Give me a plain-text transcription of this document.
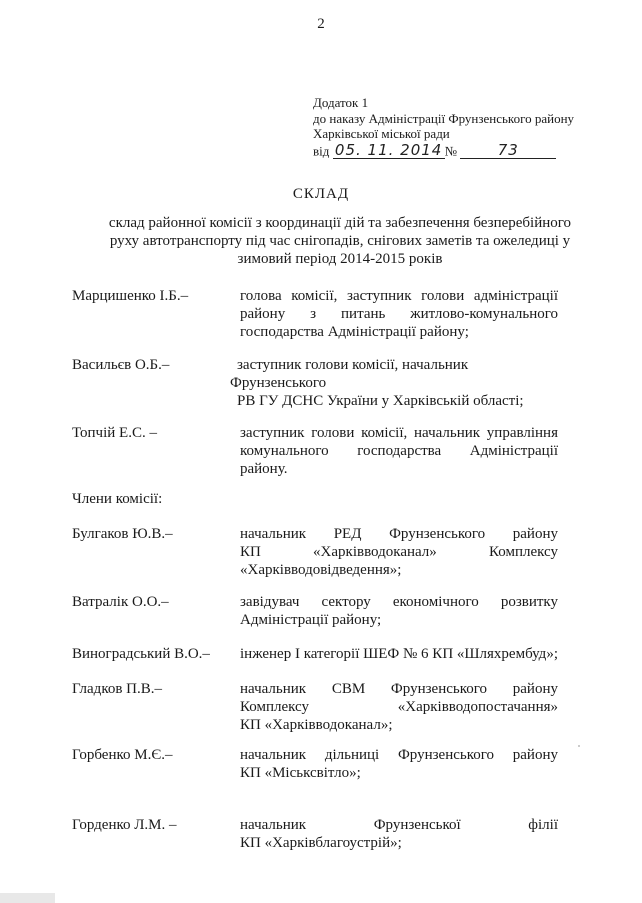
2
Додаток 1
до наказу Адміністрації Фрунзенського району
Харківської міської ради
від 05. 11. 2014 №	73
СКЛАД
склад районної комісії з координації дій та забезпечення безперебійного
руху автотранспорту під час снігопадів, снігових заметів та ожеледиці у
зимовий період 2014-2015 років
Марцишенко І.Б.–	голова комісії, заступник голови адміністрації
району з питань житлово-комунального
господарства Адміністрації району;
Васильєв О.Б.–	заступник голови комісії, начальник
Фрунзенського
РВ ГУ ДСНС України у Харківській області;
Топчій Е.С. –	заступник голови комісії, начальник управління
комунального господарства Адміністрації
району.
Члени комісії:
Булгаков Ю.В.–	начальник РЕД Фрунзенського району
КП «Харківводоканал» Комплексу
«Харківводовідведення»;
Ватралік О.О.–	завідувач сектору економічного розвитку
Адміністрації району;
Виноградський В.О.– інженер І категорії ШЕФ № 6 КП «Шляхрембуд»;
Гладков П.В.–	начальник СВМ Фрунзенського району
Комплексу «Харківводопостачання»
КП «Харківводоканал»;
Горбенко М.Є.–	начальник дільниці Фрунзенського району
КП «Міськсвітло»;
Горденко Л.М. –	начальник Фрунзенської філії
КП «Харківблагоустрій»;
